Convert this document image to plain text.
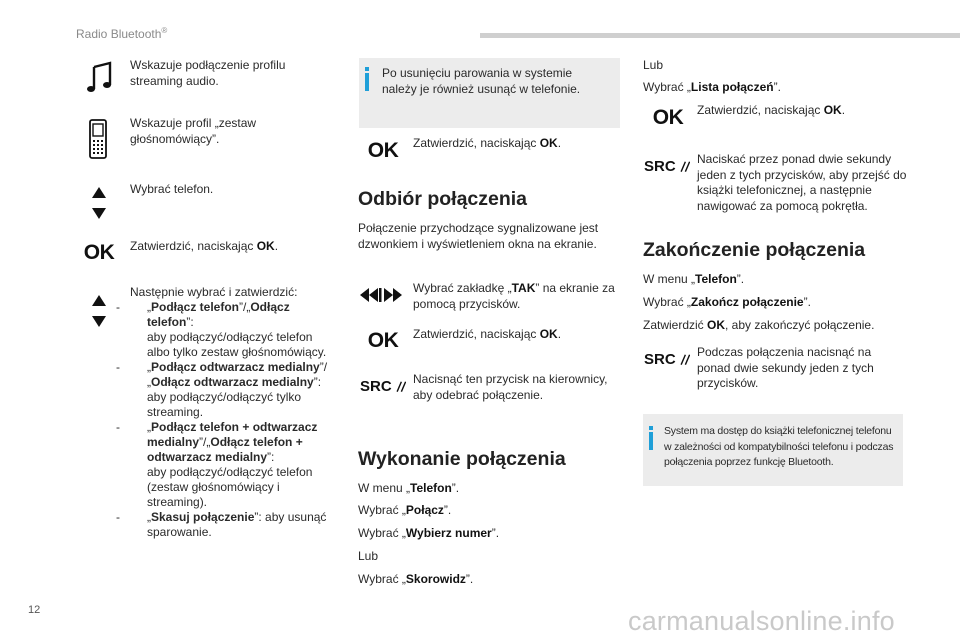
Radio Bluetooth®
Wskazuje podłączenie profilu streaming audio.
Wskazuje profil „zestaw głośnomówiący”.
Wybrać telefon.
OK Zatwierdzić, naciskając OK.
Następnie wybrać i zatwierdzić:
- „Podłącz telefon”/„Odłącz telefon”:
aby podłączyć/odłączyć telefon albo tylko zestaw głośnomówiący.
- „Podłącz odtwarzacz medialny”/„Odłącz odtwarzacz medialny”:
aby podłączyć/odłączyć tylko streaming.
- „Podłącz telefon + odtwarzacz medialny”/„Odłącz telefon + odtwarzacz medialny”:
aby podłączyć/odłączyć telefon (zestaw głośnomówiący i streaming).
- „Skasuj połączenie”: aby usunąć sparowanie.
Po usunięciu parowania w systemie należy je również usunąć w telefonie.
OK Zatwierdzić, naciskając OK.
Odbiór połączenia
Połączenie przychodzące sygnalizowane jest dzwonkiem i wyświetleniem okna na ekranie.
Wybrać zakładkę „TAK” na ekranie za pomocą przycisków.
OK Zatwierdzić, naciskając OK.
SRC Nacisnąć ten przycisk na kierownicy, aby odebrać połączenie.
Wykonanie połączenia
W menu „Telefon”.
Wybrać „Połącz”.
Wybrać „Wybierz numer”.
Lub
Wybrać „Skorowidz”.
Lub
Wybrać „Lista połączeń”.
OK Zatwierdzić, naciskając OK.
SRC Naciskać przez ponad dwie sekundy jeden z tych przycisków, aby przejść do książki telefonicznej, a następnie nawigować za pomocą pokrętła.
Zakończenie połączenia
W menu „Telefon”.
Wybrać „Zakończ połączenie”.
Zatwierdzić OK, aby zakończyć połączenie.
SRC Podczas połączenia nacisnąć na ponad dwie sekundy jeden z tych przycisków.
System ma dostęp do książki telefonicznej telefonu w zależności od kompatybilności telefonu i podczas połączenia poprzez funkcję Bluetooth.
12	carmanualsonline.info
